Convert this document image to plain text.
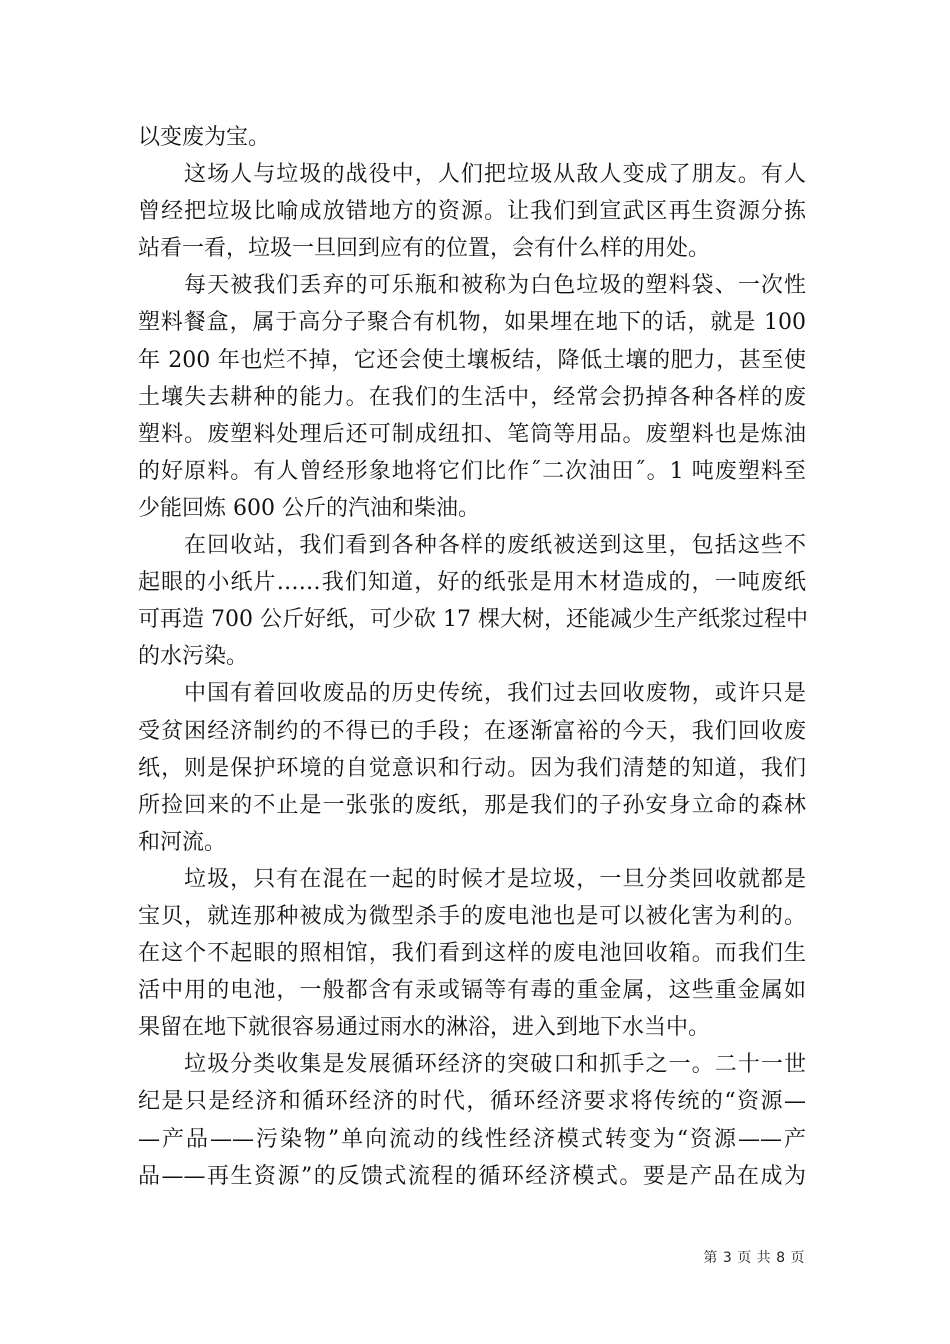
以变废为宝。
这场人与垃圾的战役中，人们把垃圾从敌人变成了朋友。有人
曾经把垃圾比喻成放错地方的资源。让我们到宣武区再生资源分拣
站看一看，垃圾一旦回到应有的位置，会有什么样的用处。
每天被我们丢弃的可乐瓶和被称为白色垃圾的塑料袋、一次性
塑料餐盒，属于高分子聚合有机物，如果埋在地下的话，就是 100
年 200 年也烂不掉，它还会使土壤板结，降低土壤的肥力，甚至使
土壤失去耕种的能力。在我们的生活中，经常会扔掉各种各样的废
塑料。废塑料处理后还可制成纽扣、笔筒等用品。废塑料也是炼油
的好原料。有人曾经形象地将它们比作˝二次油田˝。1 吨废塑料至
少能回炼 600 公斤的汽油和柴油。
在回收站，我们看到各种各样的废纸被送到这里，包括这些不
起眼的小纸片……我们知道，好的纸张是用木材造成的，一吨废纸
可再造 700 公斤好纸，可少砍 17 棵大树，还能减少生产纸浆过程中
的水污染。
中国有着回收废品的历史传统，我们过去回收废物，或许只是
受贫困经济制约的不得已的手段；在逐渐富裕的今天，我们回收废
纸，则是保护环境的自觉意识和行动。因为我们清楚的知道，我们
所捡回来的不止是一张张的废纸，那是我们的子孙安身立命的森林
和河流。
垃圾，只有在混在一起的时候才是垃圾，一旦分类回收就都是
宝贝，就连那种被成为微型杀手的废电池也是可以被化害为利的。
在这个不起眼的照相馆，我们看到这样的废电池回收箱。而我们生
活中用的电池，一般都含有汞或镉等有毒的重金属，这些重金属如
果留在地下就很容易通过雨水的淋浴，进入到地下水当中。
垃圾分类收集是发展循环经济的突破口和抓手之一。二十一世
纪是只是经济和循环经济的时代，循环经济要求将传统的“资源—
—产品——污染物”单向流动的线性经济模式转变为“资源——产
品——再生资源”的反馈式流程的循环经济模式。要是产品在成为
第 3 页 共 8 页
